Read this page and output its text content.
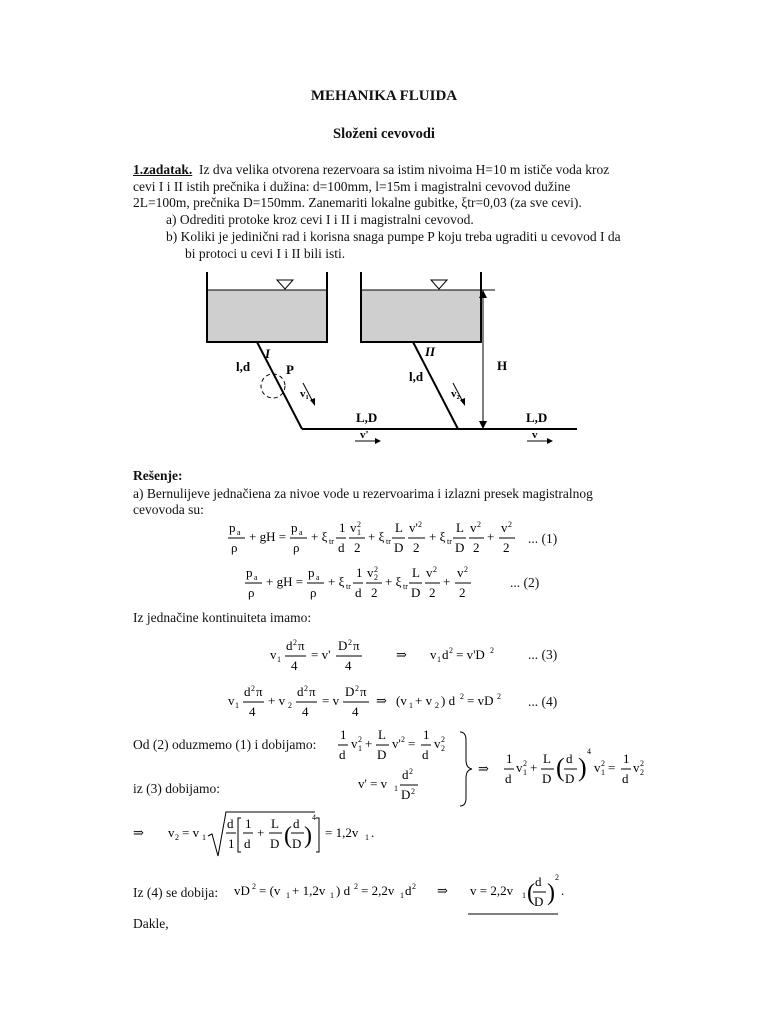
MEHANIKA FLUIDA
Složeni cevovodi
1.zadatak. Iz dva velika otvorena rezervoara sa istim nivoima H=10 m ističe voda kroz
cevi I i II istih prečnika i dužina: d=100mm, l=15m i magistralni cevovod dužine
2L=100m, prečnika D=150mm. Zanemariti lokalne gubitke, ξtr=0,03 (za sve cevi).
a) Odrediti protoke kroz cevi I i II i magistralni cevovod.
b) Koliki je jedinični rad i korisna snaga pumpe P koju treba ugraditi u cevovod I da
bi protoci u cevi I i II bili isti.
I	II
l,d
l,d
P
v₁	v₂
L,D	L,D
v'	v
H
Rešenje:
a) Bernulijeve jednačiena za nivoe vode u rezervoarima i izlazni presek magistralnog
cevovoda su:
p a
ρ
+ gH =
p a
ρ
+ ξ tr
1
d
v 2
1
2
+ ξ tr
L
D
v' 2
2
+ ξ tr
L
D
v 2
2
+
v 2
2
... (1)
p a
ρ
+ gH =
p a
ρ
+ ξ tr
1
d
v 2
2
2
+ ξ tr
L
D
v 2
2
+
v 2
2
... (2)
Iz jednačine kontinuiteta imamo:
v 1
d 2 π
4
= v'
D 2 π
4
⇒ v 1 d 2 = v'D 2	... (3)
v 1
d 2 π
4
+ v 2
d 2 π
4
= v
D 2 π
4
⇒ (v 1 + v 2 ) d 2 = vD 2 ... (4)
Od (2) oduzmemo (1) i dobijamo:
1
d
v 2
1 +
L
D
v' 2 =
1
d
v 2
2
iz (3) dobijamo:	v' = v 1
d 2
D 2
⇒
1
d
v 2
1 +
L
D ( d
D )
4
v 2
1 =
1
d
v 2
2
⇒ v 2 = v 1
d
1
1
d
+
L
D ( d
D )
4
= 1,2v 1 .
Iz (4) se dobija: vD 2 = (v 1 + 1,2v 1 ) d 2 = 2,2v 1 d 2 ⇒ v = 2,2v 1 ( d
D )
2
.
Dakle,
